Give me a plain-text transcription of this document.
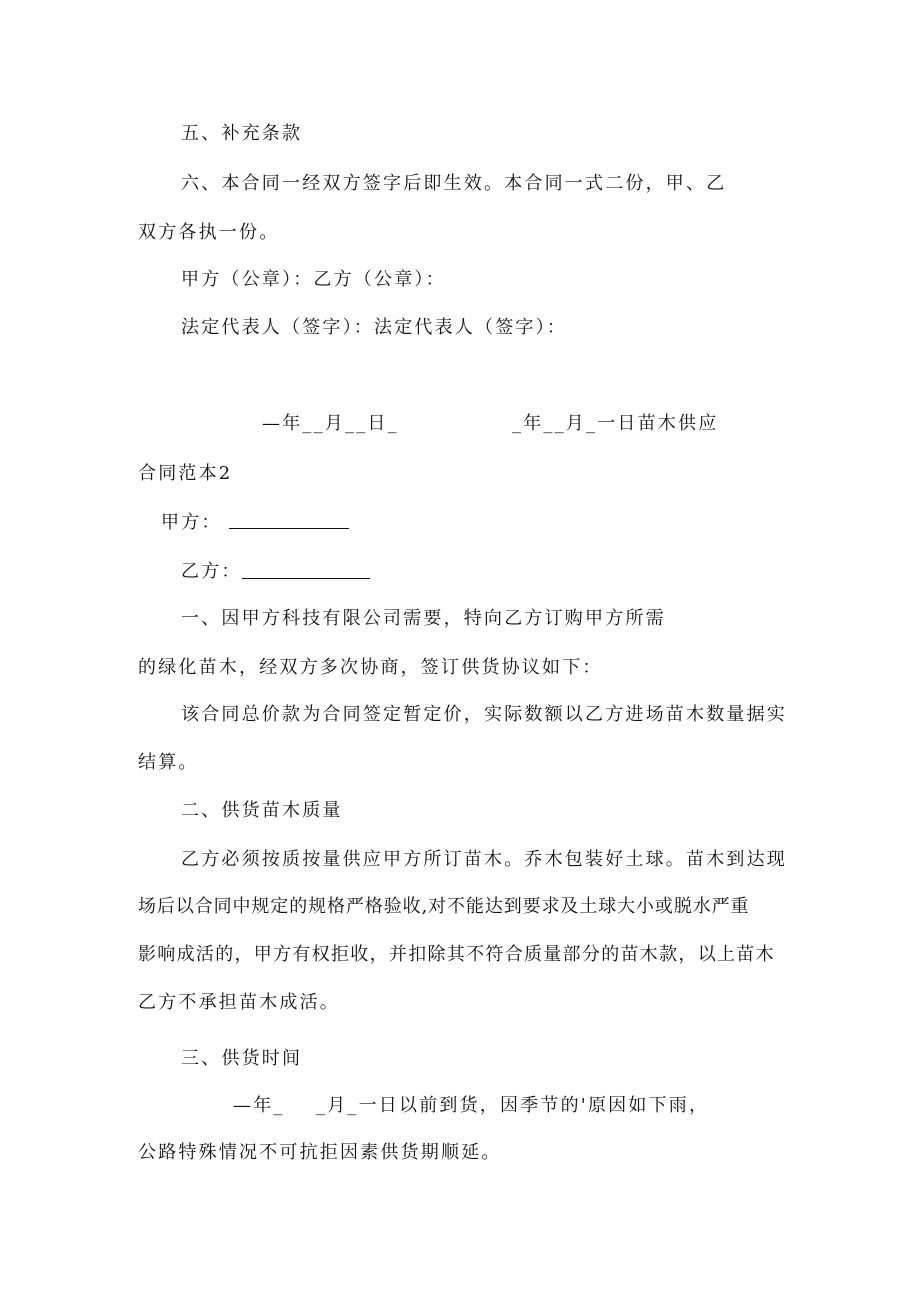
五、补充条款
六、本合同一经双方签字后即生效。本合同一式二份，甲、乙
双方各执一份。
甲方（公章）：乙方（公章）：
法定代表人（签字）：法定代表人（签字）：
—年__月__日_	_年__月_一日苗木供应
合同范本2
甲方：
乙方：
一、因甲方科技有限公司需要，特向乙方订购甲方所需
的绿化苗木，经双方多次协商，签订供货协议如下：
该合同总价款为合同签定暂定价，实际数额以乙方进场苗木数量据实
结算。
二、供货苗木质量
乙方必须按质按量供应甲方所订苗木。乔木包装好土球。苗木到达现
场后以合同中规定的规格严格验收,对不能达到要求及土球大小或脱水严重
影响成活的，甲方有权拒收，并扣除其不符合质量部分的苗木款，以上苗木
乙方不承担苗木成活。
三、供货时间
—年_ _月_一日以前到货，因季节的'原因如下雨，
公路特殊情况不可抗拒因素供货期顺延。
